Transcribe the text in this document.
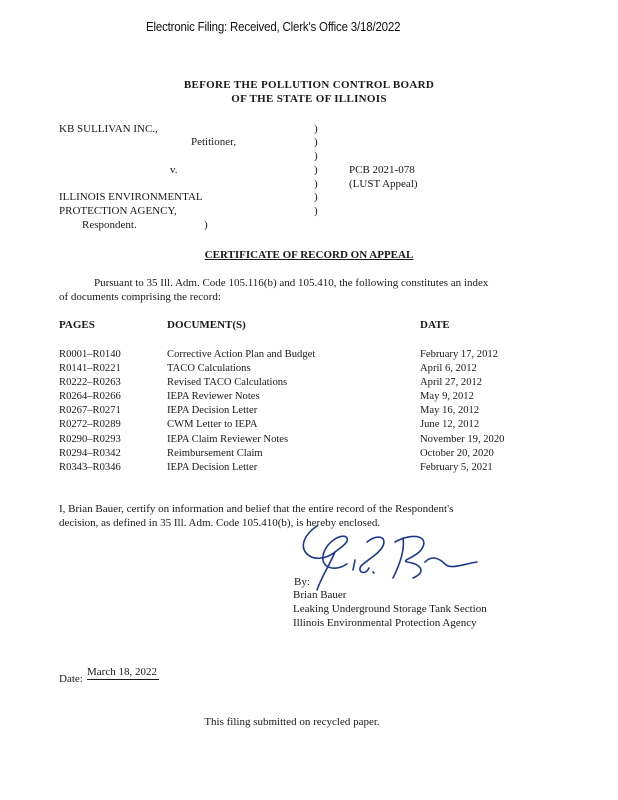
Electronic Filing: Received, Clerk's Office 3/18/2022
BEFORE THE POLLUTION CONTROL BOARD
OF THE STATE OF ILLINOIS
KB SULLIVAN INC.,
Petitioner,
v.
ILLINOIS ENVIRONMENTAL
PROTECTION AGENCY,
Respondent.	)
)
)
)
)
)
)
)
PCB 2021-078
(LUST Appeal)
CERTIFICATE OF RECORD ON APPEAL
Pursuant to 35 Ill. Adm. Code 105.116(b) and 105.410, the following constitutes an index
of documents comprising the record:
PAGES	DOCUMENT(S)	DATE
R0001–R0140	Corrective Action Plan and Budget	February 17, 2012
R0141–R0221	TACO Calculations	April 6, 2012
R0222–R0263	Revised TACO Calculations	April 27, 2012
R0264–R0266	IEPA Reviewer Notes	May 9, 2012
R0267–R0271	IEPA Decision Letter	May 16, 2012
R0272–R0289	CWM Letter to IEPA	June 12, 2012
R0290–R0293	IEPA Claim Reviewer Notes	November 19, 2020
R0294–R0342	Reimbursement Claim	October 20, 2020
R0343–R0346	IEPA Decision Letter	February 5, 2021
I, Brian Bauer, certify on information and belief that the entire record of the Respondent's
decision, as defined in 35 Ill. Adm. Code 105.410(b), is hereby enclosed.
By:
Brian Bauer
Leaking Underground Storage Tank Section
Illinois Environmental Protection Agency
Date:
March 18, 2022
This filing submitted on recycled paper.
